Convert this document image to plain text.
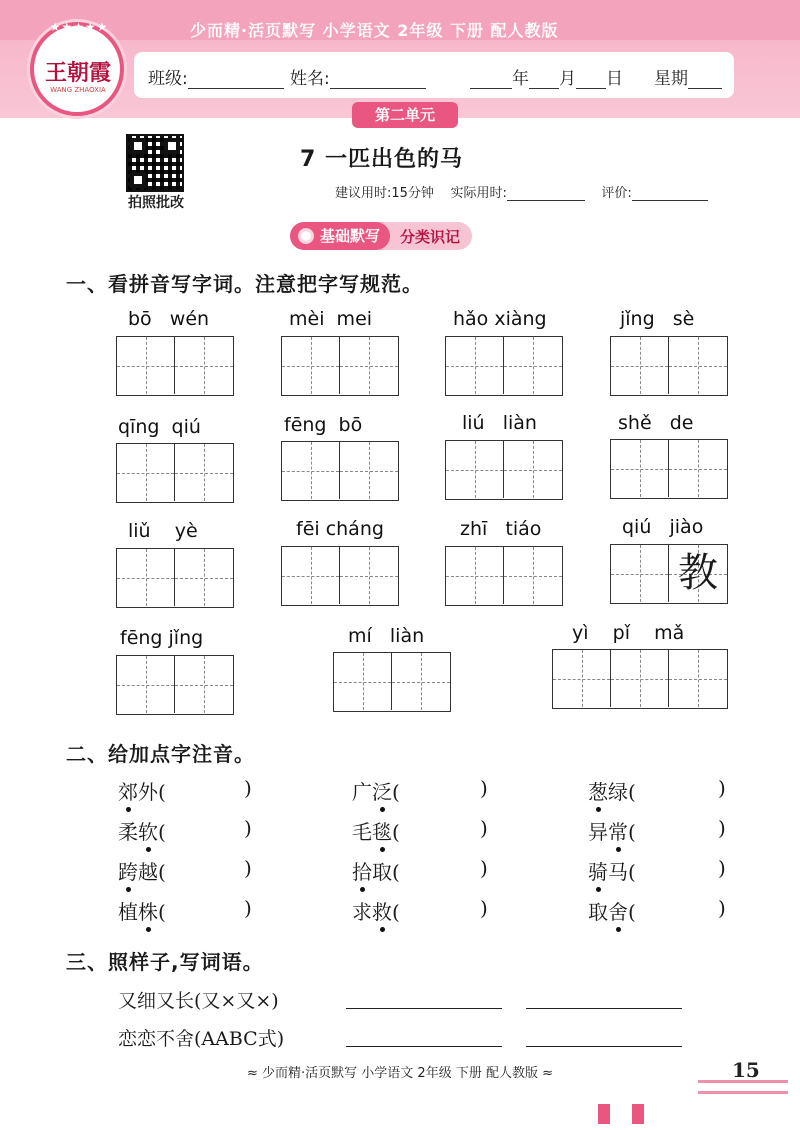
★★★★★
王朝霞
WANG ZHAOXIA
少而精·活页默写 小学语文 2年级 下册 配人教版
班级:	姓名:	年 月 日 星期
第二单元
拍照批改
7 一匹出色的马
建议用时:15分钟 实际用时:	评价:
基础默写	分类识记
一、看拼音写字词。注意把字写规范。
bō   wén	mèi  mei	hǎo xiàng	jǐng   sè
qīng  qiú	fēng  bō	liú   liàn	shě   de
liǔ    yè	fēi cháng	zhī   tiáo	qiú   jiào
教
fēng jǐng	mí   liàn	yì    pǐ    mǎ
二、给加点字注音。
郊外(	)	广泛(	)	葱绿(	)
柔软(	)	毛毯(	)	异常(	)
跨越(	)	拾取(	)	骑马(	)
植株(	)	求救(	)	取舍(	)
三、照样子,写词语。
又细又长(又×又×)
恋恋不舍(AABC式)
≈ 少而精·活页默写 小学语文 2年级 下册 配人教版 ≈	15
